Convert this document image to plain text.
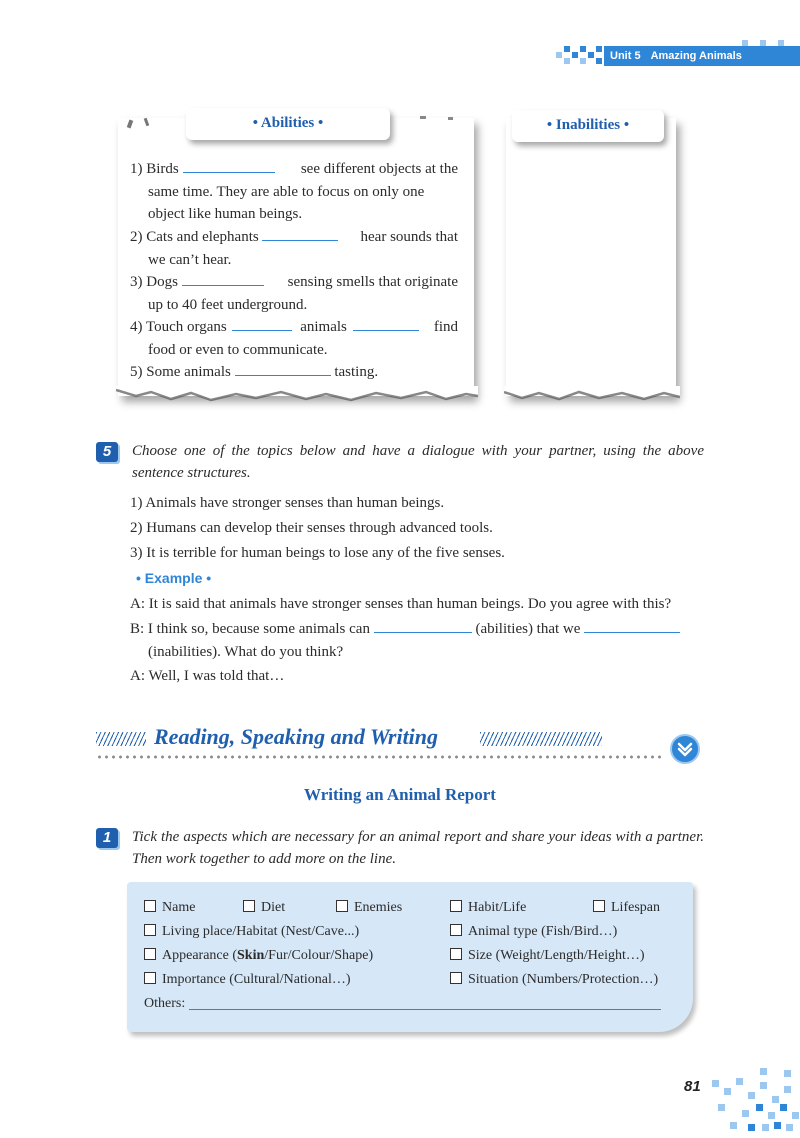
Unit 5 Amazing Animals
• Abilities •
1) Birds	see different objects at the
same time. They are able to focus on only one
object like human beings.
2) Cats and elephants	hear sounds that
we can’t hear.
3) Dogs	sensing smells that originate
up to 40 feet underground.
4) Touch organs	animals	find
food or even to communicate.
5) Some animals	tasting.
• Inabilities •
5	Choose one of the topics below and have a dialogue with your partner, using the above sentence structures.
1) Animals have stronger senses than human beings.
2) Humans can develop their senses through advanced tools.
3) It is terrible for human beings to lose any of the five senses.
• Example •
A: It is said that animals have stronger senses than human beings. Do you agree with this?
B: I think so, because some animals can	(abilities) that we
(inabilities). What do you think?
A: Well, I was told that…
Reading, Speaking and Writing
Writing an Animal Report
1	Tick the aspects which are necessary for an animal report and share your ideas with a partner. Then work together to add more on the line.
Name	Diet	Enemies	Habit/Life	Lifespan
Living place/Habitat (Nest/Cave...)	Animal type (Fish/Bird…)
Appearance (Skin/Fur/Colour/Shape)	Size (Weight/Length/Height…)
Importance (Cultural/National…)	Situation (Numbers/Protection…)
Others:
81
